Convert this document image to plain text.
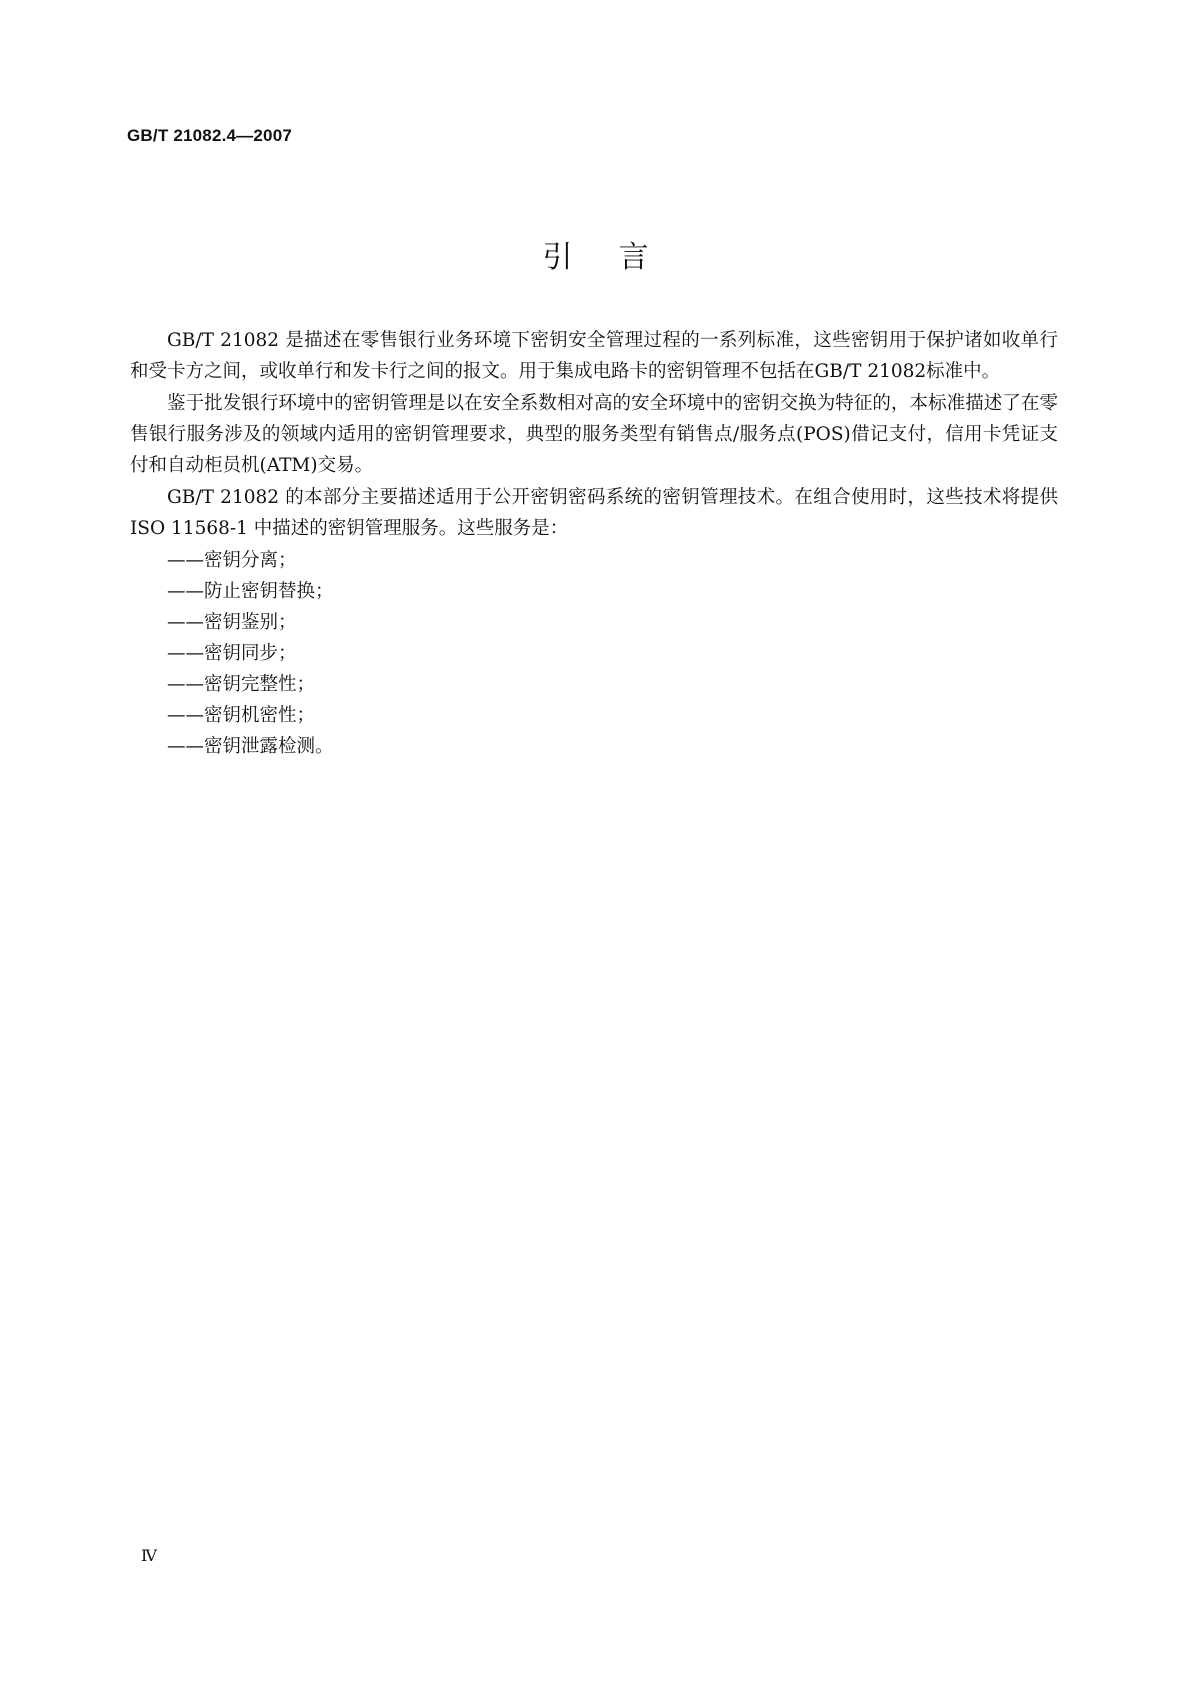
GB/T 21082.4—2007
引言

GB/T 21082 是描述在零售银行业务环境下密钥安全管理过程的一系列标准，这些密钥用于保护诸如收单行和受卡方之间，或收单行和发卡行之间的报文。用于集成电路卡的密钥管理不包括在GB/T 21082标准中。

鉴于批发银行环境中的密钥管理是以在安全系数相对高的安全环境中的密钥交换为特征的，本标准描述了在零售银行服务涉及的领域内适用的密钥管理要求，典型的服务类型有销售点/服务点(POS)借记支付，信用卡凭证支付和自动柜员机(ATM)交易。

GB/T 21082 的本部分主要描述适用于公开密钥密码系统的密钥管理技术。在组合使用时，这些技术将提供 ISO 11568-1 中描述的密钥管理服务。这些服务是：

——密钥分离；
——防止密钥替换；
——密钥鉴别；
——密钥同步；
——密钥完整性；
——密钥机密性；
——密钥泄露检测。
Ⅳ
